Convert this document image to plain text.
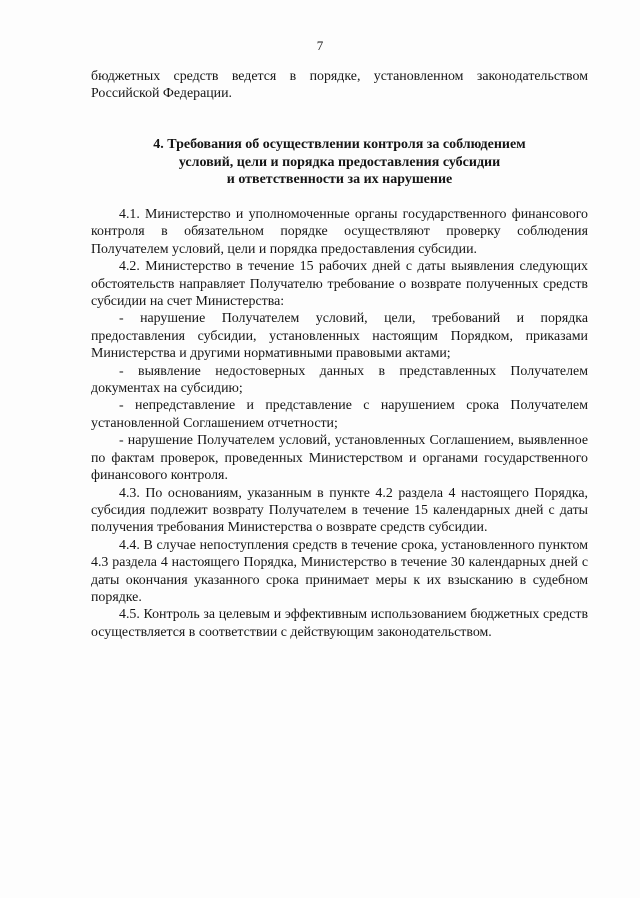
7
бюджетных средств ведется в порядке, установленном законодательством Российской Федерации.
4. Требования об осуществлении контроля за соблюдением
условий, цели и порядка предоставления субсидии
и ответственности за их нарушение

4.1. Министерство и уполномоченные органы государственного финансового контроля в обязательном порядке осуществляют проверку соблюдения Получателем условий, цели и порядка предоставления субсидии.

4.2. Министерство в течение 15 рабочих дней с даты выявления следующих обстоятельств направляет Получателю требование о возврате полученных средств субсидии на счет Министерства:

- нарушение Получателем условий, цели, требований и порядка предоставления субсидии, установленных настоящим Порядком, приказами Министерства и другими нормативными правовыми актами;

- выявление недостоверных данных в представленных Получателем документах на субсидию;

- непредставление и представление с нарушением срока Получателем установленной Соглашением отчетности;

- нарушение Получателем условий, установленных Соглашением, выявленное по фактам проверок, проведенных Министерством и органами государственного финансового контроля.

4.3. По основаниям, указанным в пункте 4.2 раздела 4 настоящего Порядка, субсидия подлежит возврату Получателем в течение 15 календарных дней с даты получения требования Министерства о возврате средств субсидии.

4.4. В случае непоступления средств в течение срока, установленного пунктом 4.3 раздела 4 настоящего Порядка, Министерство в течение 30 календарных дней с даты окончания указанного срока принимает меры к их взысканию в судебном порядке.

4.5. Контроль за целевым и эффективным использованием бюджетных средств осуществляется в соответствии с действующим законодательством.
